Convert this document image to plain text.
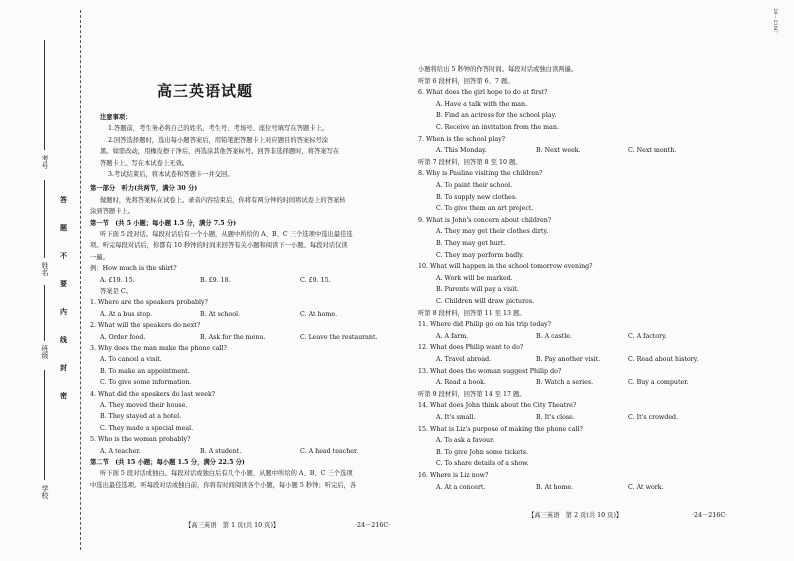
考号
姓名
班级
学校
答
题
不
要
内
线
封
密
高三英语试题
注意事项：
1.答题前，考生务必将自己的姓名、考生号、考场号、座位号填写在答题卡上。
2.回答选择题时，选出每小题答案后，用铅笔把答题卡上对应题目的答案标号涂
黑。如需改动，用橡皮擦干净后，再选涂其他答案标号。回答非选择题时，将答案写在
答题卡上。写在本试卷上无效。
3.考试结束后，将本试卷和答题卡一并交回。
第一部分　听力(共两节，满分 30 分)
做题时，先将答案标在试卷上。录音内容结束后，你将有两分钟的时间将试卷上的答案转
涂到答题卡上。
第一节　(共 5 小题；每小题 1.5 分，满分 7.5 分)
听下面 5 段对话。每段对话后有一个小题，从题中所给的 A、B、C 三个选项中选出最佳选
项。听完每段对话后，你都有 10 秒钟的时间来回答有关小题和阅读下一小题。每段对话仅读
一遍。
例：How much is the shirt?
A. £19. 15.	B. £9. 18.	C. £9. 15.
答案是 C。
1. Where are the speakers probably?
A. At a bus stop.	B. At school.	C. At home.
2. What will the speakers do next?
A. Order food.	B. Ask for the menu.	C. Leave the restaurant.
3. Why does the man make the phone call?
A. To cancel a visit.
B. To make an appointment.
C. To give some information.
4. What did the speakers do last week?
A. They moved their house.
B. They stayed at a hotel.
C. They made a special meal.
5. Who is the woman probably?
A. A teacher.	B. A student.	C. A head teacher.
第二节　(共 15 小题；每小题 1.5 分，满分 22.5 分)
听下面 5 段对话或独白。每段对话或独白后有几个小题，从题中所给的 A、B、C 三个选项
中选出最佳选项。听每段对话或独白前，你将有时间阅读各个小题，每小题 5 秒钟；听完后，各
小题将给出 5 秒钟的作答时间。每段对话或独白读两遍。
听第 6 段材料，回答第 6、7 题。
6. What does the girl hope to do at first?
A. Have a talk with the man.
B. Find an actress for the school play.
C. Receive an invitation from the man.
7. When is the school play?
A. This Monday.	B. Next week.	C. Next month.
听第 7 段材料，回答第 8 至 10 题。
8. Why is Pauline visiting the children?
A. To paint their school.
B. To supply new clothes.
C. To give them an art project.
9. What is John's concern about children?
A. They may get their clothes dirty.
B. They may get hurt.
C. They may perform badly.
10. What will happen in the school tomorrow evening?
A. Work will be marked.
B. Parents will pay a visit.
C. Children will draw pictures.
听第 8 段材料，回答第 11 至 13 题。
11. Where did Philip go on his trip today?
A. A farm.	B. A castle.	C. A factory.
12. What does Philip want to do?
A. Travel abroad.	B. Pay another visit.	C. Read about history.
13. What does the woman suggest Philip do?
A. Read a book.	B. Watch a series.	C. Buy a computer.
听第 9 段材料，回答第 14 至 17 题。
14. What does John think about the City Theatre?
A. It's small.	B. It's close.	C. It's crowded.
15. What is Liz's purpose of making the phone call?
A. To ask a favour.
B. To give John some tickets.
C. To share details of a show.
16. Where is Liz now?
A. At a concert.	B. At home.	C. At work.
【高三英语　第 1 页(共 10 页)】	·24－216C·
【高三英语　第 2 页(共 10 页)】	·24－216C·
24－216C
